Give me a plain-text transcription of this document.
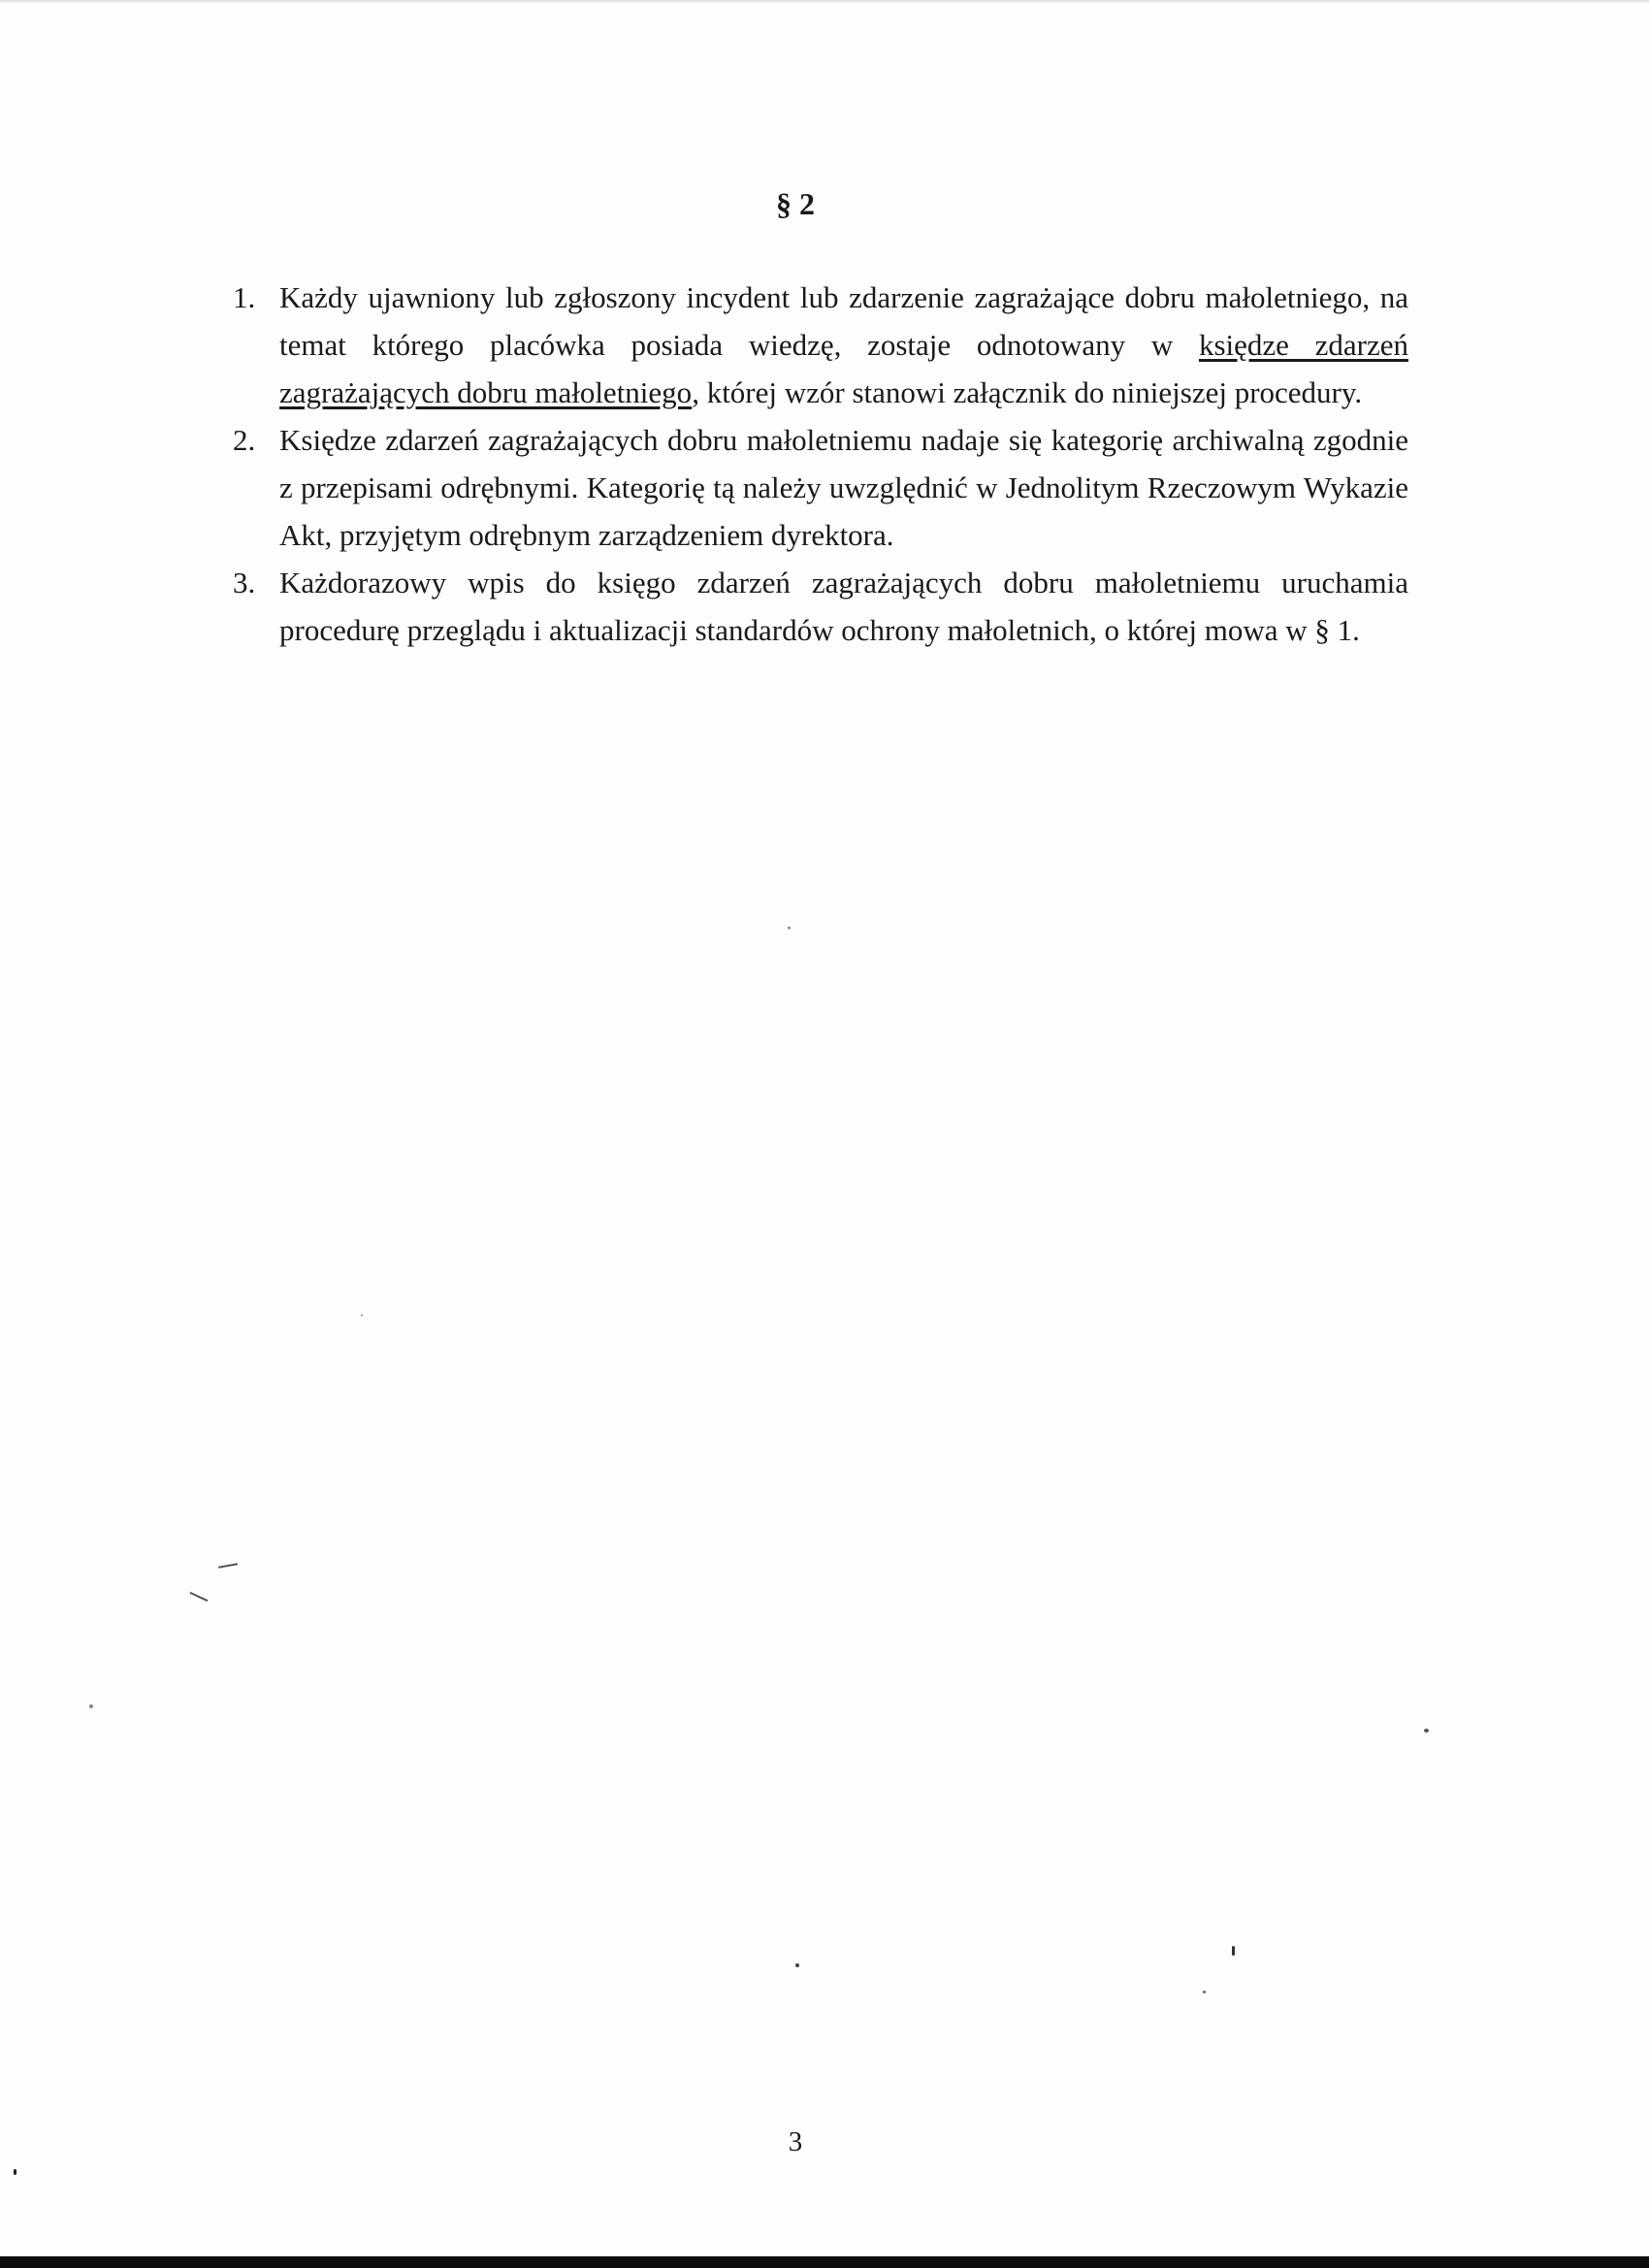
§ 2
1. Każdy ujawniony lub zgłoszony incydent lub zdarzenie zagrażające dobru małoletniego, na temat którego placówka posiada wiedzę, zostaje odnotowany w księdze zdarzeń zagrażających dobru małoletniego, której wzór stanowi załącznik do niniejszej procedury.
2. Księdze zdarzeń zagrażających dobru małoletniemu nadaje się kategorię archiwalną zgodnie z przepisami odrębnymi. Kategorię tą należy uwzględnić w Jednolitym Rzeczowym Wykazie Akt, przyjętym odrębnym zarządzeniem dyrektora.
3. Każdorazowy wpis do księgo zdarzeń zagrażających dobru małoletniemu uruchamia procedurę przeglądu i aktualizacji standardów ochrony małoletnich, o której mowa w § 1.
3
